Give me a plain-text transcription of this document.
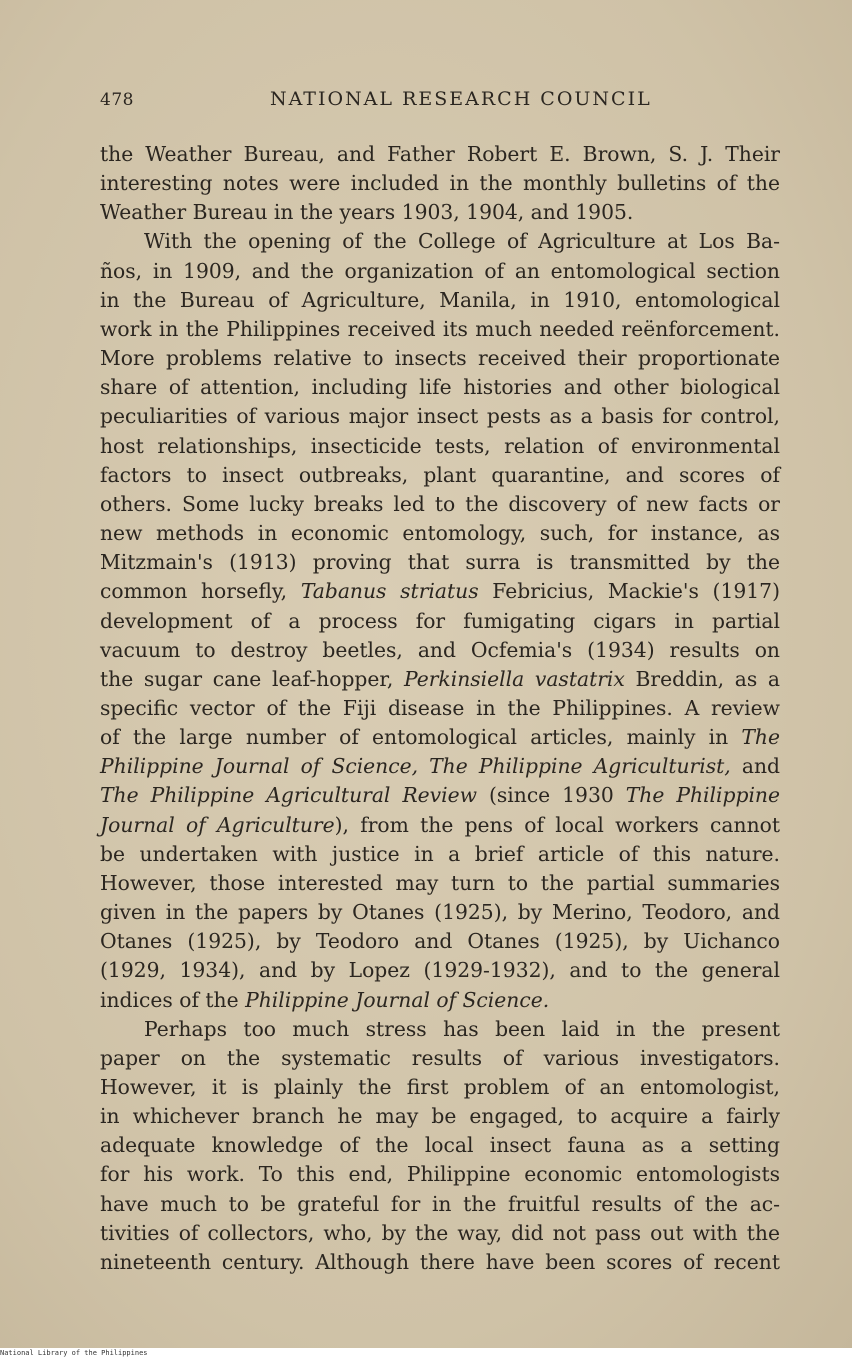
478	NATIONAL RESEARCH COUNCIL
the Weather Bureau, and Father Robert E. Brown, S. J. Their
interesting notes were included in the monthly bulletins of the
Weather Bureau in the years 1903, 1904, and 1905.
With the opening of the College of Agriculture at Los Ba-
ños, in 1909, and the organization of an entomological section
in the Bureau of Agriculture, Manila, in 1910, entomological
work in the Philippines received its much needed reënforcement.
More problems relative to insects received their proportionate
share of attention, including life histories and other biological
peculiarities of various major insect pests as a basis for control,
host relationships, insecticide tests, relation of environmental
factors to insect outbreaks, plant quarantine, and scores of
others. Some lucky breaks led to the discovery of new facts or
new methods in economic entomology, such, for instance, as
Mitzmain's (1913) proving that surra is transmitted by the
common horsefly, Tabanus striatus Febricius, Mackie's (1917)
development of a process for fumigating cigars in partial
vacuum to destroy beetles, and Ocfemia's (1934) results on
the sugar cane leaf-hopper, Perkinsiella vastatrix Breddin, as a
specific vector of the Fiji disease in the Philippines. A review
of the large number of entomological articles, mainly in The
Philippine Journal of Science, The Philippine Agriculturist, and
The Philippine Agricultural Review (since 1930 The Philippine
Journal of Agriculture), from the pens of local workers cannot
be undertaken with justice in a brief article of this nature.
However, those interested may turn to the partial summaries
given in the papers by Otanes (1925), by Merino, Teodoro, and
Otanes (1925), by Teodoro and Otanes (1925), by Uichanco
(1929, 1934), and by Lopez (1929-1932), and to the general
indices of the Philippine Journal of Science.
Perhaps too much stress has been laid in the present
paper on the systematic results of various investigators.
However, it is plainly the first problem of an entomologist,
in whichever branch he may be engaged, to acquire a fairly
adequate knowledge of the local insect fauna as a setting
for his work. To this end, Philippine economic entomologists
have much to be grateful for in the fruitful results of the ac-
tivities of collectors, who, by the way, did not pass out with the
nineteenth century. Although there have been scores of recent
National Library of the Philippines
